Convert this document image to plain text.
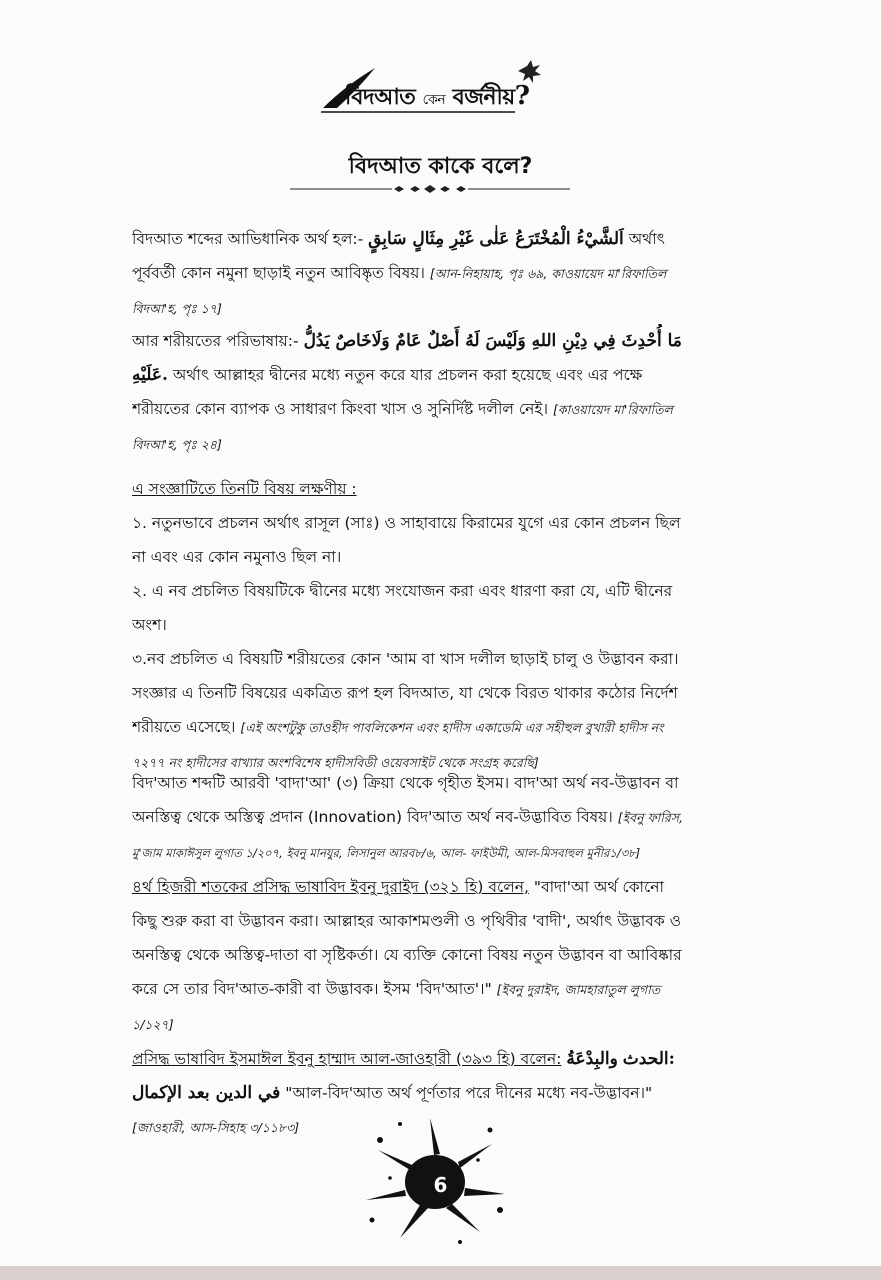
বিদআত কেন বর্জনীয়?
বিদআত কাকে বলে?
বিদআত শব্দের আভিধানিক অর্থ হল:- اَلشَّيْءُ الْمُخْتَرَعُ عَلٰى غَيْرِ مِثَالٍ سَابِقٍ অর্থাৎ
পূর্ববর্তী কোন নমুনা ছাড়াই নতুন আবিষ্কৃত বিষয়। [আন-নিহায়াহ, পৃঃ ৬৯, কাওয়ায়েদ মা'রিফাতিল
বিদআ'হ, পৃঃ ১৭]
আর শরীয়তের পরিভাষায়:- مَا أُحْدِثَ فِي دِيْنِ اللهِ وَلَيْسَ لَهُ أَصْلٌ عَامٌ وَلَاخَاصٌ يَدُلُّ
عَلَيْهِ. অর্থাৎ আল্লাহর দ্বীনের মধ্যে নতুন করে যার প্রচলন করা হয়েছে এবং এর পক্ষে
শরীয়তের কোন ব্যাপক ও সাধারণ কিংবা খাস ও সুনির্দিষ্ট দলীল নেই। [কাওয়ায়েদ মা'রিফাতিল
বিদআ'হ, পৃঃ ২৪]
এ সংজ্ঞাটিতে তিনটি বিষয় লক্ষণীয় :
১. নতুনভাবে প্রচলন অর্থাৎ রাসূল (সাঃ) ও সাহাবায়ে কিরামের যুগে এর কোন প্রচলন ছিল
না এবং এর কোন নমুনাও ছিল না।
২. এ নব প্রচলিত বিষয়টিকে দ্বীনের মধ্যে সংযোজন করা এবং ধারণা করা যে, এটি দ্বীনের
অংশ।
৩.নব প্রচলিত এ বিষয়টি শরীয়তের কোন 'আম বা খাস দলীল ছাড়াই চালু ও উদ্ভাবন করা।
সংজ্ঞার এ তিনটি বিষয়ের একত্রিত রূপ হল বিদআত, যা থেকে বিরত থাকার কঠোর নির্দেশ
শরীয়তে এসেছে। [এই অংশটুকু তাওহীদ পাবলিকেশন এবং হাদীস একাডেমি এর সহীহুল বুখারী হাদীস নং
৭২৭৭ নং হাদীসের বাখ্যার অংশবিশেষ হাদীসবিডী ওয়েবসাইট থেকে সংগ্রহ করেছি]
বিদ'আত শব্দটি আরবী 'বাদা'আ' (৩) ক্রিয়া থেকে গৃহীত ইসম। বাদ'আ অর্থ নব-উদ্ভাবন বা
অনস্তিত্ব থেকে অস্তিত্ব প্রদান (Innovation) বিদ'আত অর্থ নব-উদ্ভাবিত বিষয়। [ইবনু ফারিস,
মু'জাম মাকাঈসুল লুগাত ১/২০৭, ইবনু মানযুর, লিসানুল আরব৮/৬, আল- ফাইউমী, আল-মিসবাহুল মুনীর১/৩৮]
৪র্থ হিজরী শতকের প্রসিদ্ধ ভাষাবিদ ইবনু দুরাইদ (৩২১ হি) বলেন, "বাদা'আ অর্থ কোনো
কিছু শুরু করা বা উদ্ভাবন করা। আল্লাহর আকাশমণ্ডলী ও পৃথিবীর 'বাদী', অর্থাৎ উদ্ভাবক ও
অনস্তিত্ব থেকে অস্তিত্ব-দাতা বা সৃষ্টিকর্তা। যে ব্যক্তি কোনো বিষয় নতুন উদ্ভাবন বা আবিষ্কার
করে সে তার বিদ'আত-কারী বা উদ্ভাবক। ইসম 'বিদ'আত'।" [ইবনু দুরাইদ, জামহারাতুল লুগাত
১/১২৭]
প্রসিদ্ধ ভাষাবিদ ইসমাঈল ইবনু হাম্মাদ আল-জাওহারী (৩৯৩ হি) বলেন:	الحدث والبِدْعَةُ:
في الدين بعد الإكمال "আল-বিদ'আত অর্থ পূর্ণতার পরে দীনের মধ্যে নব-উদ্ভাবন।"
[জাওহারী, আস-সিহাহ ৩/১১৮৩]
6
